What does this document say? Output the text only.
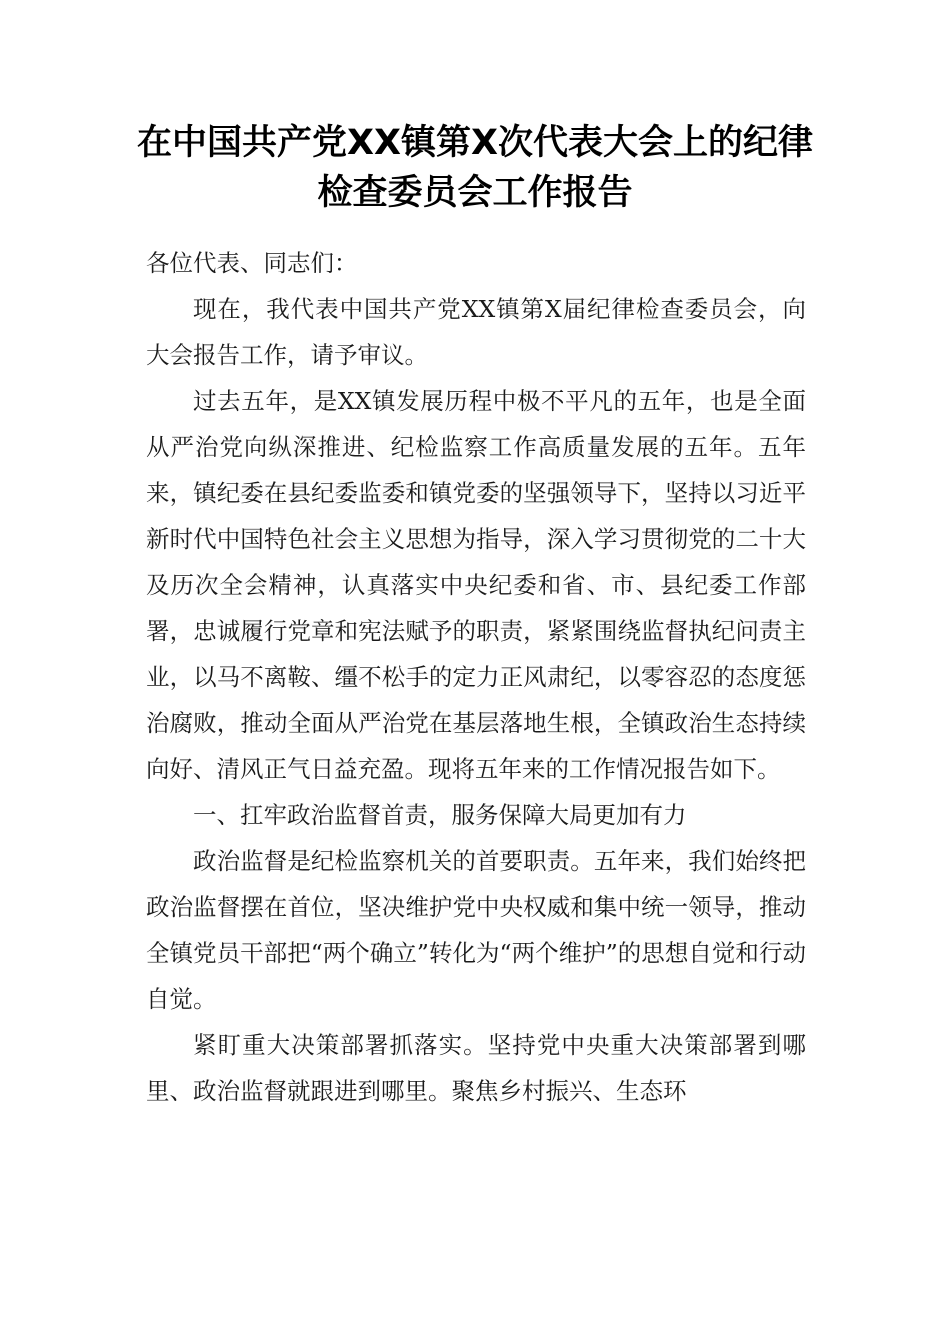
在中国共产党XX镇第X次代表大会上的纪律检查委员会工作报告

各位代表、同志们：

现在，我代表中国共产党XX镇第X届纪律检查委员会，向大会报告工作，请予审议。

过去五年，是XX镇发展历程中极不平凡的五年，也是全面从严治党向纵深推进、纪检监察工作高质量发展的五年。五年来，镇纪委在县纪委监委和镇党委的坚强领导下，坚持以习近平新时代中国特色社会主义思想为指导，深入学习贯彻党的二十大及历次全会精神，认真落实中央纪委和省、市、县纪委工作部署，忠诚履行党章和宪法赋予的职责，紧紧围绕监督执纪问责主业，以马不离鞍、缰不松手的定力正风肃纪，以零容忍的态度惩治腐败，推动全面从严治党在基层落地生根，全镇政治生态持续向好、清风正气日益充盈。现将五年来的工作情况报告如下。

一、扛牢政治监督首责，服务保障大局更加有力

政治监督是纪检监察机关的首要职责。五年来，我们始终把政治监督摆在首位，坚决维护党中央权威和集中统一领导，推动全镇党员干部把“两个确立”转化为“两个维护”的思想自觉和行动自觉。

紧盯重大决策部署抓落实。坚持党中央重大决策部署到哪里、政治监督就跟进到哪里。聚焦乡村振兴、生态环
